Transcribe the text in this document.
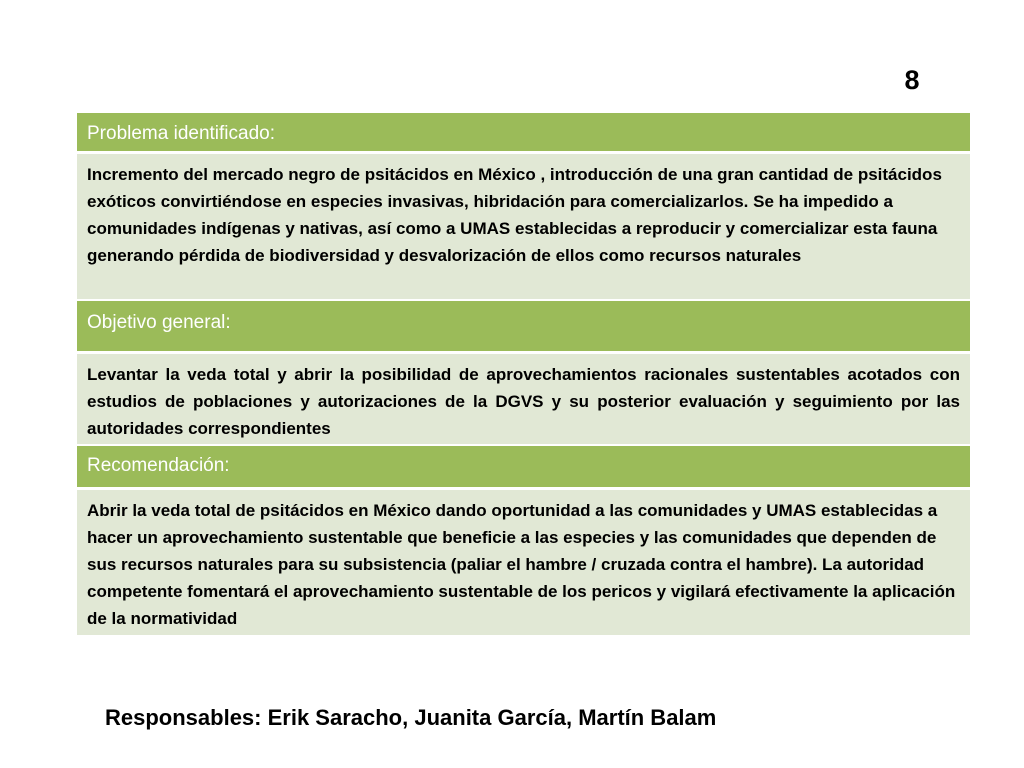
8
Problema identificado:
Incremento del mercado negro de psitácidos en México , introducción de una gran cantidad de psitácidos exóticos convirtiéndose en especies invasivas, hibridación para comercializarlos. Se ha impedido a comunidades indígenas y nativas, así como a UMAS establecidas a reproducir y comercializar esta fauna generando pérdida de biodiversidad y desvalorización de ellos como recursos naturales
Objetivo general:
Levantar la veda total y abrir la posibilidad de aprovechamientos racionales sustentables acotados con estudios de poblaciones y autorizaciones de la DGVS y su posterior evaluación y seguimiento por las autoridades correspondientes
Recomendación:
Abrir la veda total de psitácidos en México dando oportunidad a las comunidades y UMAS establecidas a hacer un aprovechamiento sustentable que beneficie a las especies y las comunidades que dependen de sus recursos naturales para su subsistencia (paliar el hambre / cruzada contra el hambre). La autoridad competente fomentará el aprovechamiento sustentable de los pericos y vigilará efectivamente la aplicación de la normatividad
Responsables: Erik Saracho, Juanita García, Martín Balam
